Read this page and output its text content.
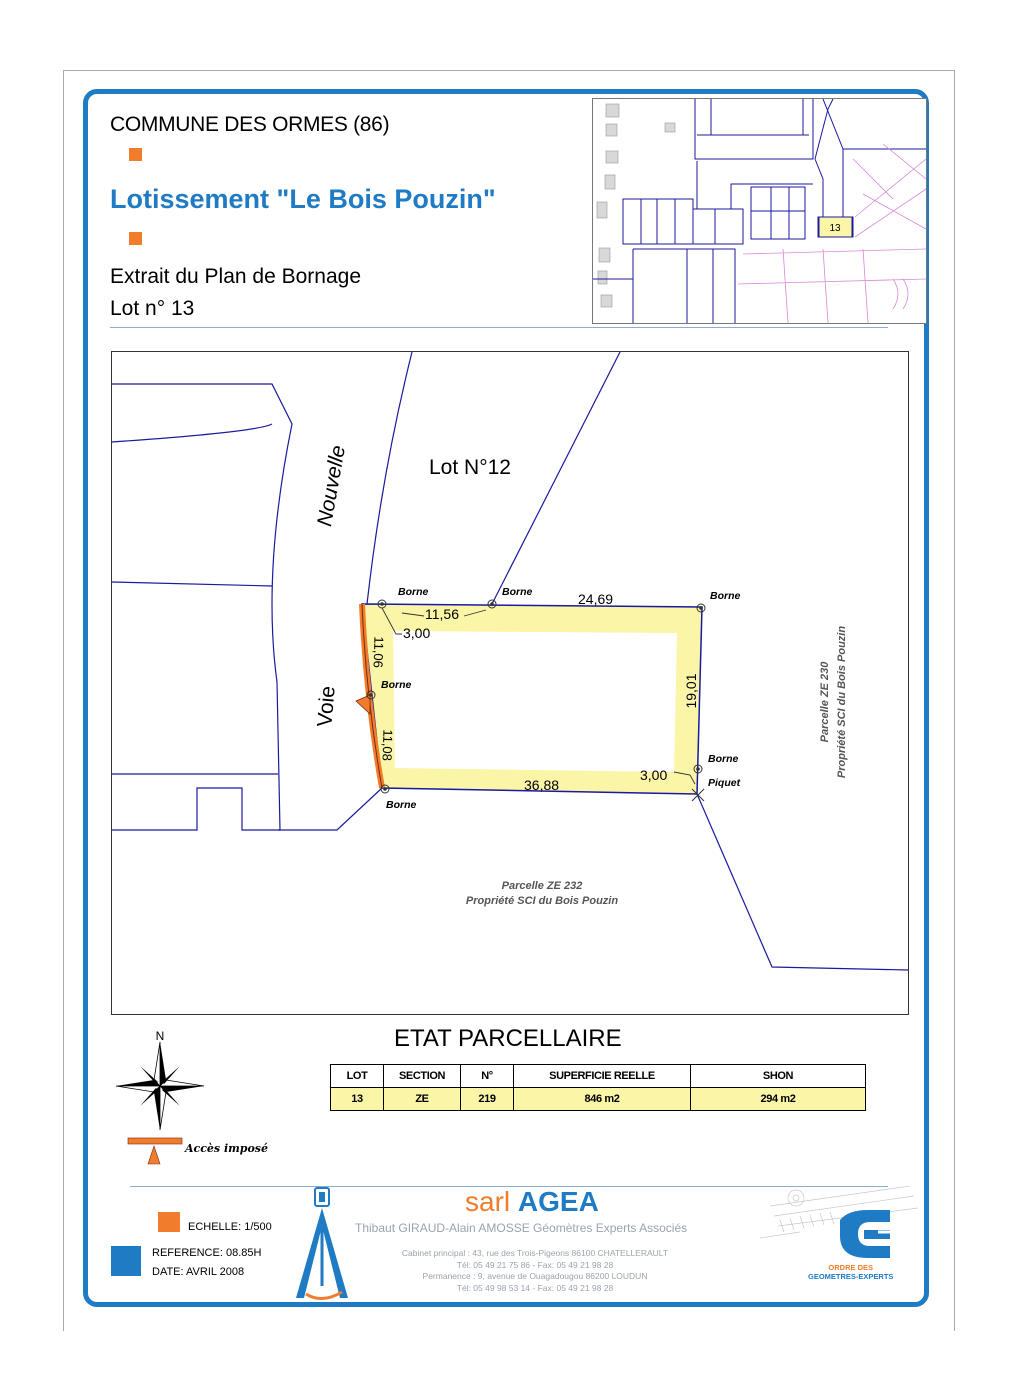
COMMUNE DES ORMES (86)
Lotissement "Le Bois Pouzin"
Extrait du Plan de Bornage
Lot n° 13
13
Nouvelle
Voie
Lot N°12
Borne	Borne	Borne
Borne
Borne
Borne
Piquet
11,56
24,69
19,01
36,88
11,06
11,08
3,00
3,00
Parcelle ZE 232
Propriété SCI du Bois Pouzin
Parcelle ZE 230 Propriété SCI du Bois Pouzin
N
Accès imposé
ETAT PARCELLAIRE
LOT	SECTION	N°	SUPERFICIE REELLE	SHON
13	ZE	219	846 m2	294 m2
ECHELLE: 1/500
REFERENCE: 08.85H
DATE: AVRIL 2008
sarl AGEA
Thibaut GIRAUD-Alain AMOSSE Géomètres Experts Associés
Cabinet principal : 43, rue des Trois-Pigeons 86100 CHATELLERAULT
Tél: 05 49 21 75 86 - Fax: 05 49 21 98 28
Permanence : 9, avenue de Ouagadougou 86200 LOUDUN
Tél: 05 49 98 53 14 - Fax: 05 49 21 98 28
ORDRE DES
GEOMETRES-EXPERTS
